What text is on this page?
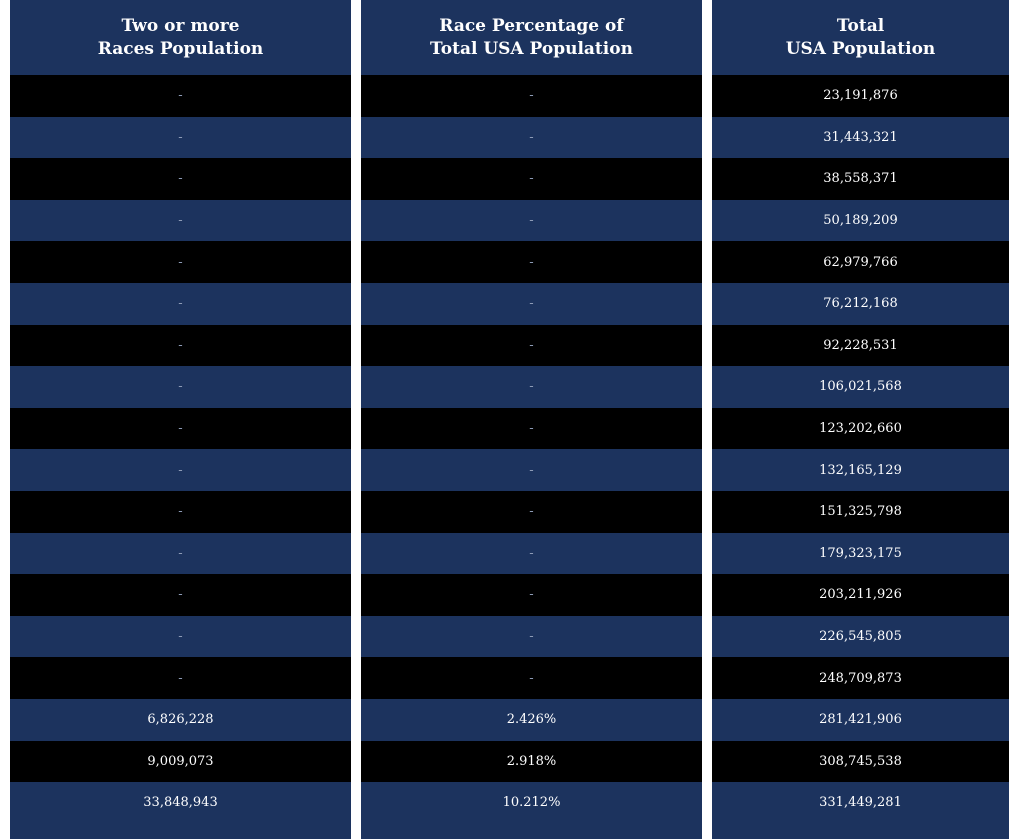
Two or more
Races Population
-
-
-
-
-
-
-
-
-
-
-
-
-
-
-
6,826,228
9,009,073
33,848,943
Race Percentage of
Total USA Population
-
-
-
-
-
-
-
-
-
-
-
-
-
-
-
2.426%
2.918%
10.212%
Total
USA Population
23,191,876
31,443,321
38,558,371
50,189,209
62,979,766
76,212,168
92,228,531
106,021,568
123,202,660
132,165,129
151,325,798
179,323,175
203,211,926
226,545,805
248,709,873
281,421,906
308,745,538
331,449,281
